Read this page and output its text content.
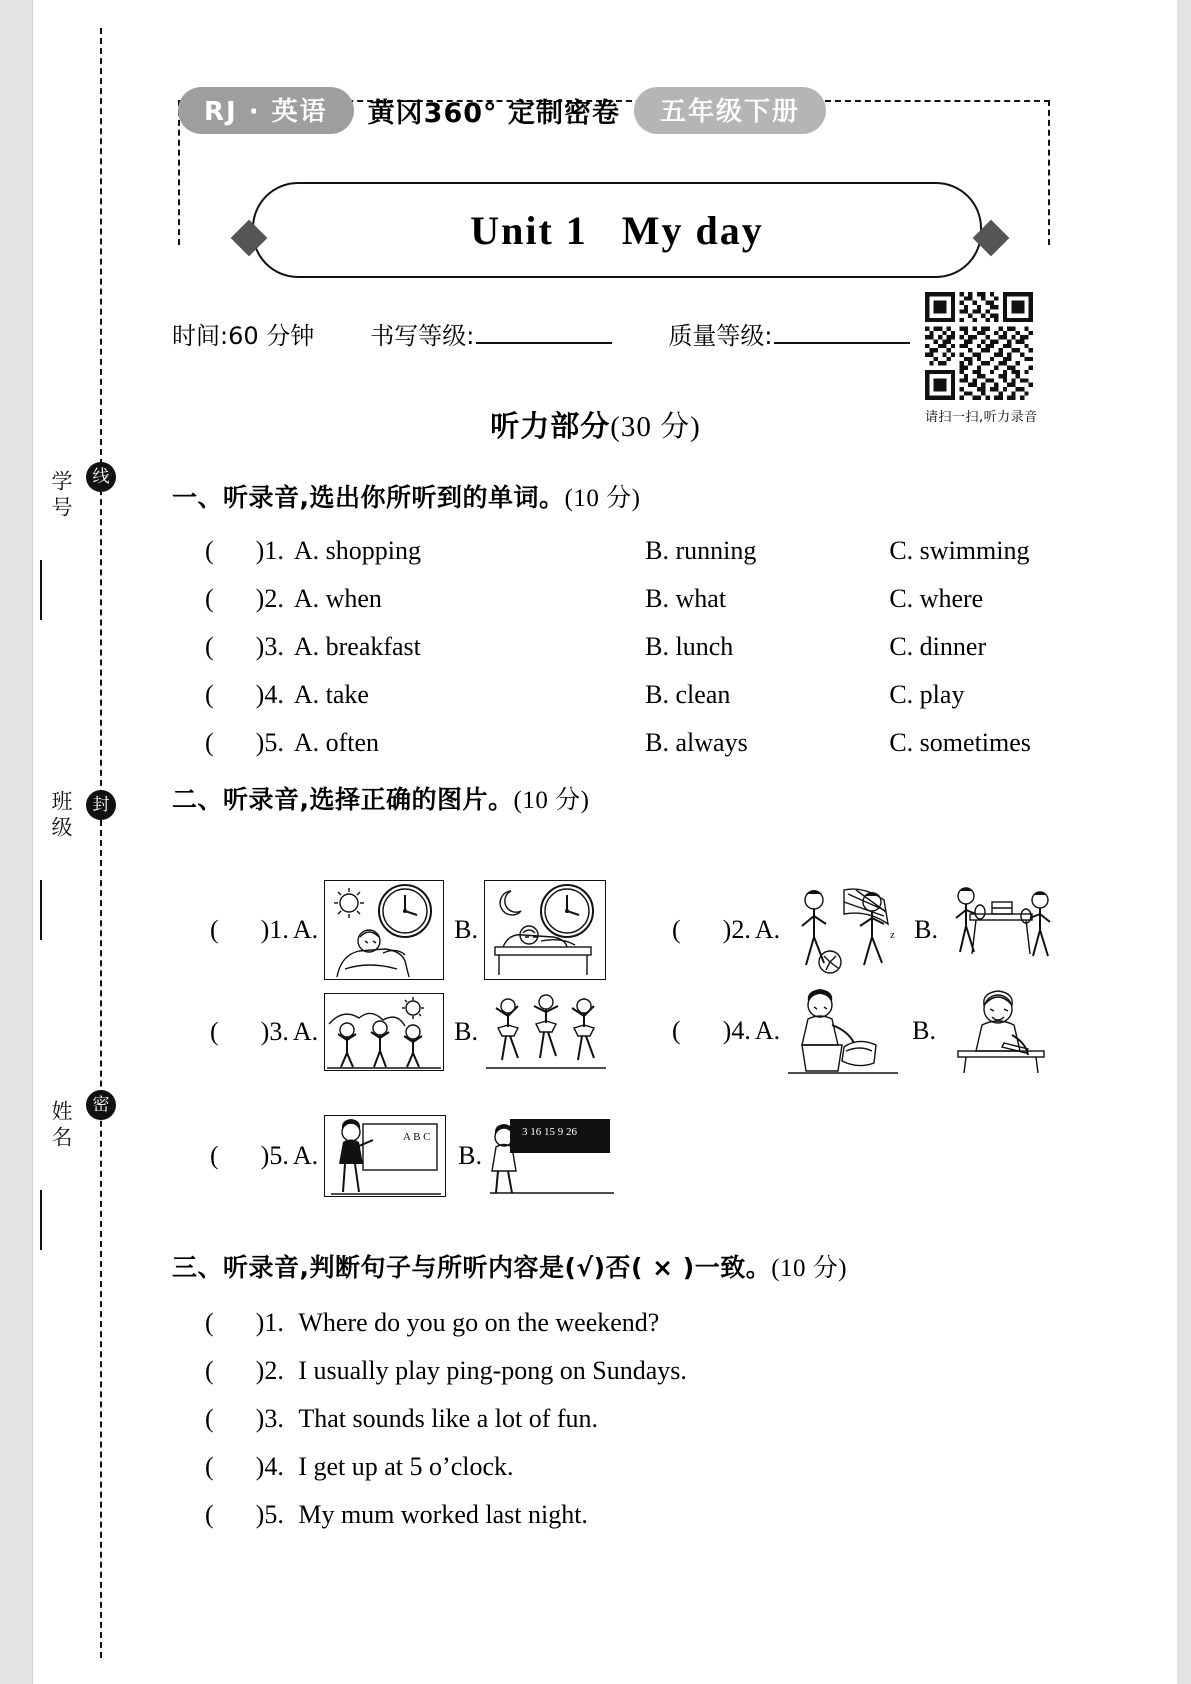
学号
班级
姓名
线
封
密
RJ · 英语	黄冈360° 定制密卷	五年级下册
Unit 1 My day
时间:60 分钟 书写等级:	质量等级:
请扫一扫,听力录音
听力部分(30 分)
一、听录音,选出你所听到的单词。(10 分)
( ) 1. A. shopping	B. running	C. swimming
( ) 2. A. when	B. what	C. where
( ) 3. A. breakfast	B. lunch	C. dinner
( ) 4. A. take	B. clean	C. play
( ) 5. A. often	B. always	C. sometimes
二、听录音,选择正确的图片。(10 分)
( ) 1. A.	B.	( ) 2. A.	z B.
( ) 3. A.	B.	( ) 4. A.	B.
( ) 5. A.
A B C
B.
3 16 15 9 26
三、听录音,判断句子与所听内容是(√)否( × )一致。(10 分)
( )1. Where do you go on the weekend?
( )2. I usually play ping-pong on Sundays.
( )3. That sounds like a lot of fun.
( )4. I get up at 5 o’clock.
( )5. My mum worked last night.
